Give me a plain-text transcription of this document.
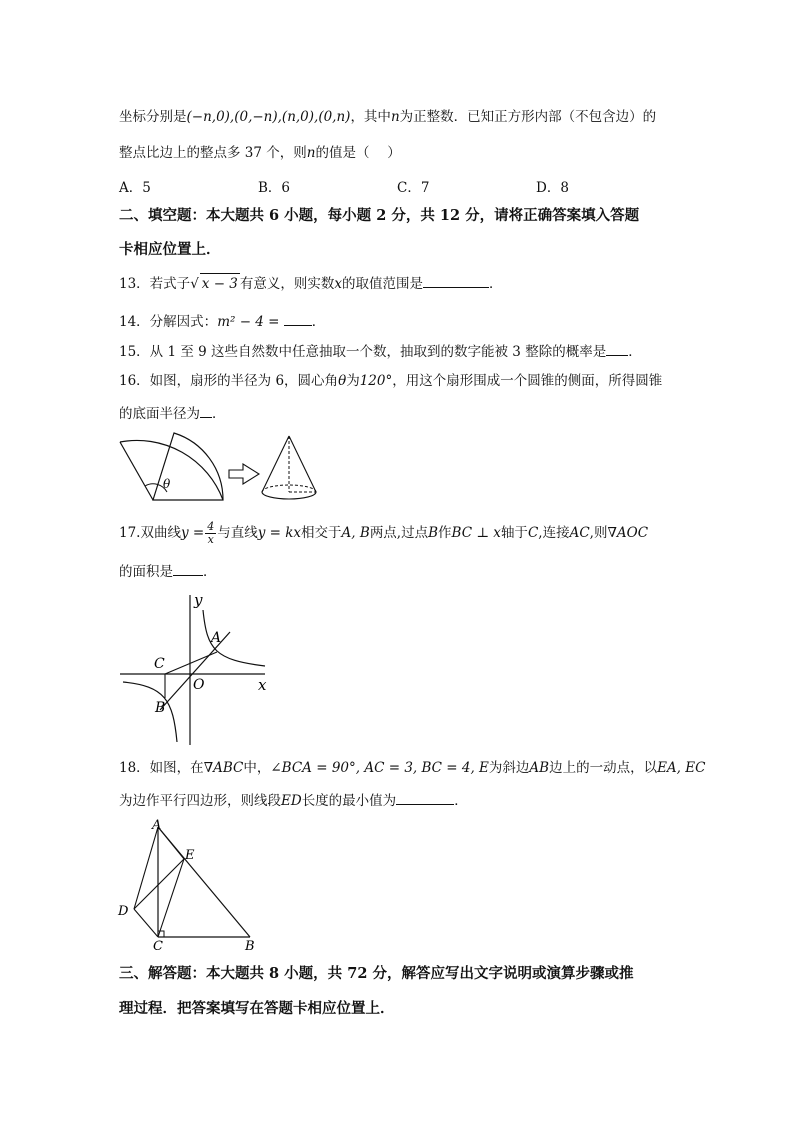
坐标分别是(−n,0),(0,−n),(n,0),(0,n)，其中n为正整数．已知正方形内部（不包含边）的
整点比边上的整点多 37 个，则n的值是（　 ）
A．5	B．6	C．7	D．8
二、填空题：本大题共 6 小题，每小题 2 分，共 12 分，请将正确答案填入答题
卡相应位置上．
13．若式子√ x − 3 有意义，则实数x的取值范围是	．
14．分解因式：m² − 4 = ．
15．从 1 至 9 这些自然数中任意抽取一个数，抽取到的数字能被 3 整除的概率是 ．
16．如图，扇形的半径为 6，圆心角θ为120°，用这个扇形围成一个圆锥的侧面，所得圆锥
的底面半径为 ．
θ
17.双曲线$y = \frac{4}{x}$ 与直线y = kx相交于A, B两点,过点B作BC ⊥ x轴于C,连接AC,则∇AOC
的面积是 ．
y
x
O
A
C
B
18．如图，在∇ABC中，∠BCA = 90°, AC = 3, BC = 4, E为斜边AB边上的一动点，以EA, EC
为边作平行四边形，则线段ED长度的最小值为	．
A
E
D
C	B
三、解答题：本大题共 8 小题，共 72 分，解答应写出文字说明或演算步骤或推
理过程．把答案填写在答题卡相应位置上．
